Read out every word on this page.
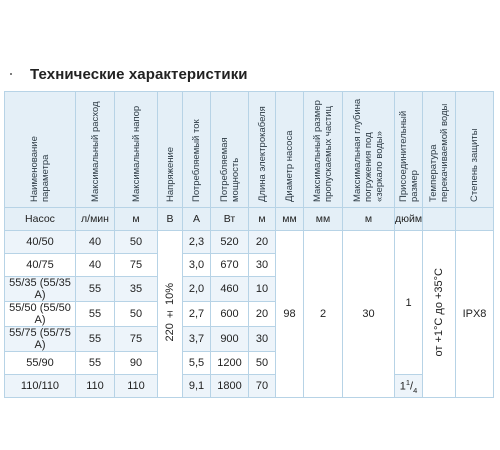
Технические характеристики
Наименование параметра	Максимальный расход	Максимальный напор	Напряжение	Потребляемый ток	Потребляемая мощность	Длина электрокабеля	Диаметр насоса	Максимальный размер пропускаемых частиц	Максимальная глубина погружения под «зеркало воды»	Присоединительный размер	Температура перекачиваемой воды	Степень защиты
Насос	л/мин	м	В	А	Вт	м	мм	мм	м	дюйм		
40/50	40	50	220 ± 10%	2,3	520	20	98	2	30	1	от +1°C до +35°C	IPX8
40/75	40	75		3,0	670	30						
55/35 (55/35 А)	55	35		2,0	460	10						
55/50 (55/50 А)	55	50		2,7	600	20						
55/75 (55/75 А)	55	75		3,7	900	30						
55/90	55	90		5,5	1200	50						
110/110	110	110		9,1	1800	70				$1^1/_4$
